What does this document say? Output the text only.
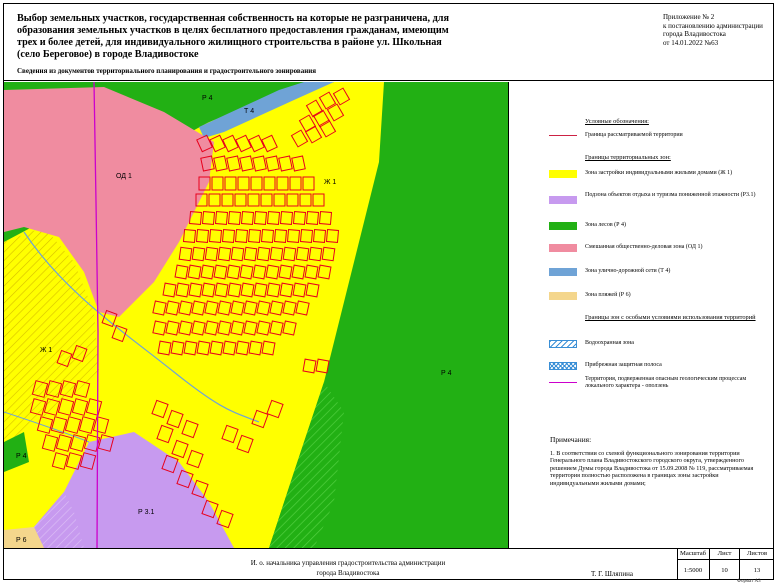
Выбор земельных участков, государственная собственность на которые не разграничена, для образования земельных участков в целях бесплатного предоставления гражданам, имеющим трех и более детей, для индивидуального жилищного строительства в районе ул. Школьная (село Береговое) в городе Владивостоке
Сведения из документов территориального планирования и градостроительного зонирования
Приложение № 2
к постановлению администрации
города Владивостока
от 14.01.2022 №63
Р 4
Т 4
ОД 1
Ж 1
Ж 1
Р 4
Р 4
Р 3.1
Р 6
Условные обозначения:
Граница рассматриваемой территории
Границы территориальных зон:
Зона застройки индивидуальными жилыми домами (Ж 1)
Подзона объектов отдыха и туризма пониженной этажности (Р3.1)
Зона лесов (Р 4)
Смешанная общественно-деловая зона (ОД 1)
Зона улично-дорожной сети (Т 4)
Зона пляжей (Р 6)
Границы зон с особыми условиями использования территорий
Водоохранная зона
Прибрежная защитная полоса
Территория, подверженная опасным геологическим процессам локального характера - оползень
Примечания:
1. В соответствии со схемой функционального зонирования территории Генерального плана Владивостокского городского округа, утвержденного решением Думы города Владивостока от 15.09.2008 № 119, рассматриваемая территория полностью расположена в границах зоны застройки индивидуальными жилыми домами;
И. о. начальника управления градостроительства администрации города Владивостока	Т. Г. Шляпина
Масштаб	Лист	Листов
1:5000	10	13
Формат А3
